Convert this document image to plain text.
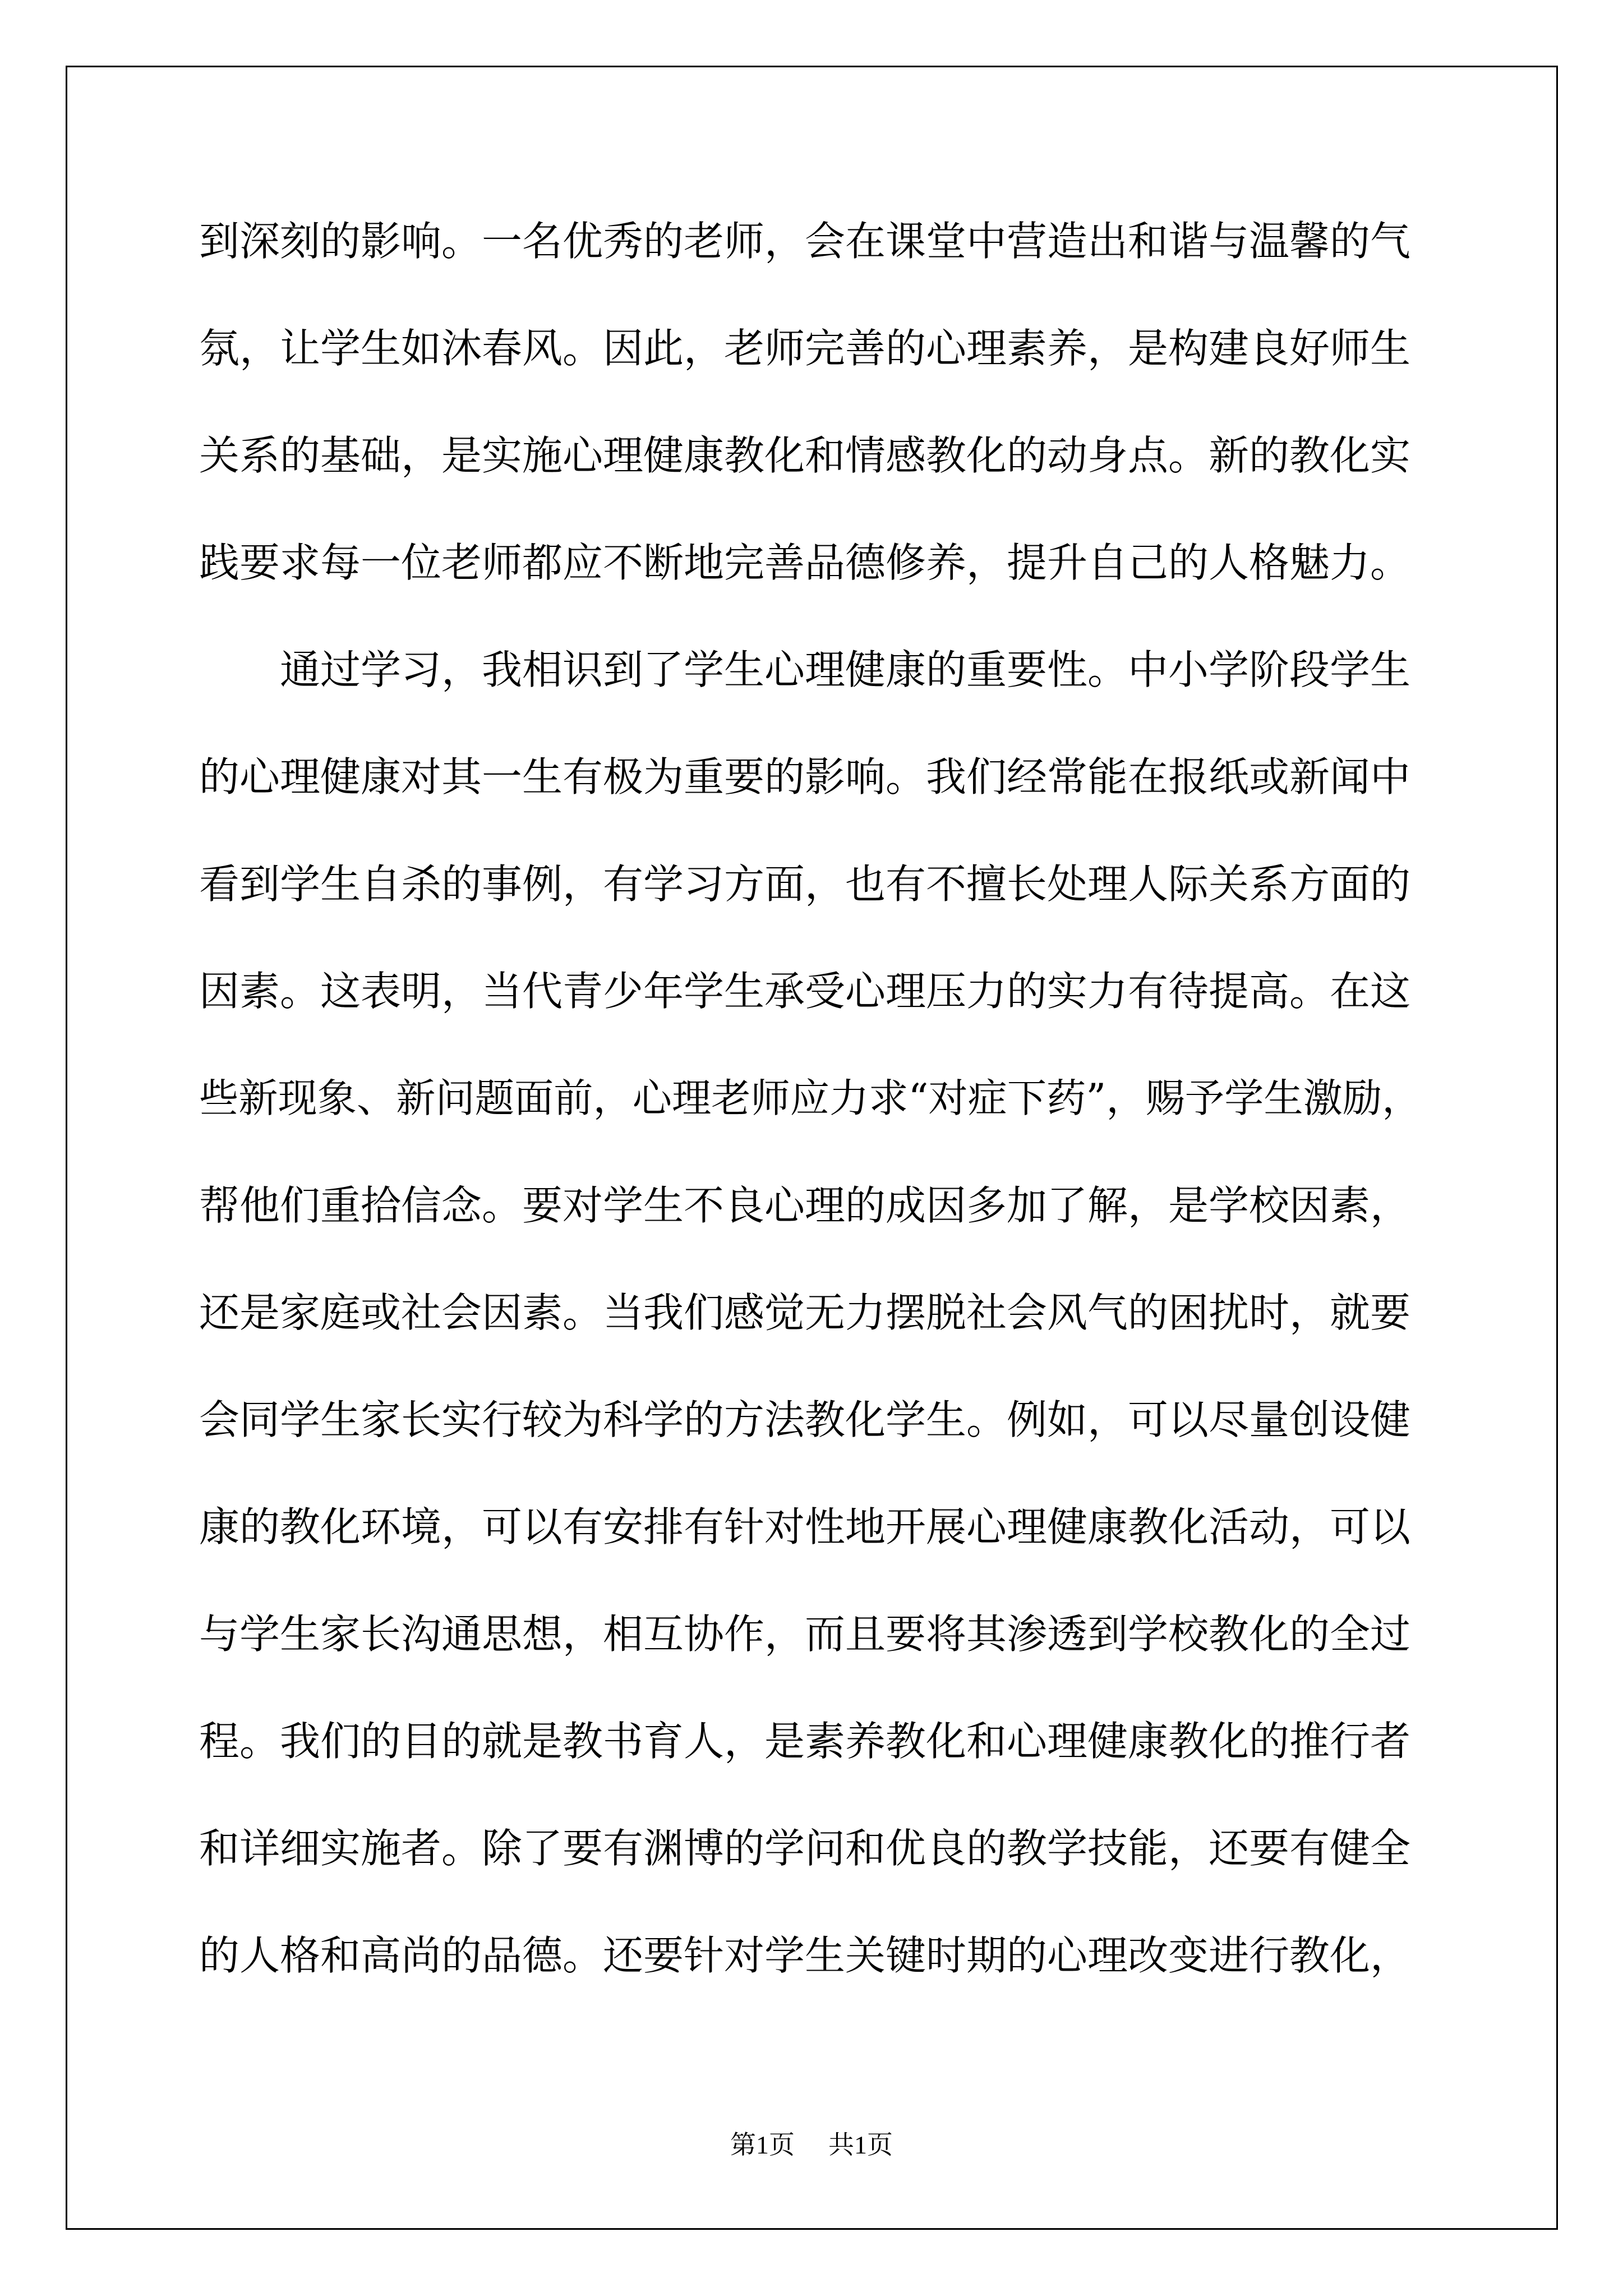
到深刻的影响。一名优秀的老师，会在课堂中营造出和谐与温馨的气
氛，让学生如沐春风。因此，老师完善的心理素养，是构建良好师生
关系的基础，是实施心理健康教化和情感教化的动身点。新的教化实
践要求每一位老师都应不断地完善品德修养，提升自己的人格魅力。
通过学习，我相识到了学生心理健康的重要性。中小学阶段学生
的心理健康对其一生有极为重要的影响。我们经常能在报纸或新闻中
看到学生自杀的事例，有学习方面，也有不擅长处理人际关系方面的
因素。这表明，当代青少年学生承受心理压力的实力有待提高。在这
些新现象、新问题面前，心理老师应力求“对症下药”，赐予学生激励，
帮他们重拾信念。要对学生不良心理的成因多加了解，是学校因素，
还是家庭或社会因素。当我们感觉无力摆脱社会风气的困扰时，就要
会同学生家长实行较为科学的方法教化学生。例如，可以尽量创设健
康的教化环境，可以有安排有针对性地开展心理健康教化活动，可以
与学生家长沟通思想，相互协作，而且要将其渗透到学校教化的全过
程。我们的目的就是教书育人，是素养教化和心理健康教化的推行者
和详细实施者。除了要有渊博的学问和优良的教学技能，还要有健全
的人格和高尚的品德。还要针对学生关键时期的心理改变进行教化，
第1页 共1页
